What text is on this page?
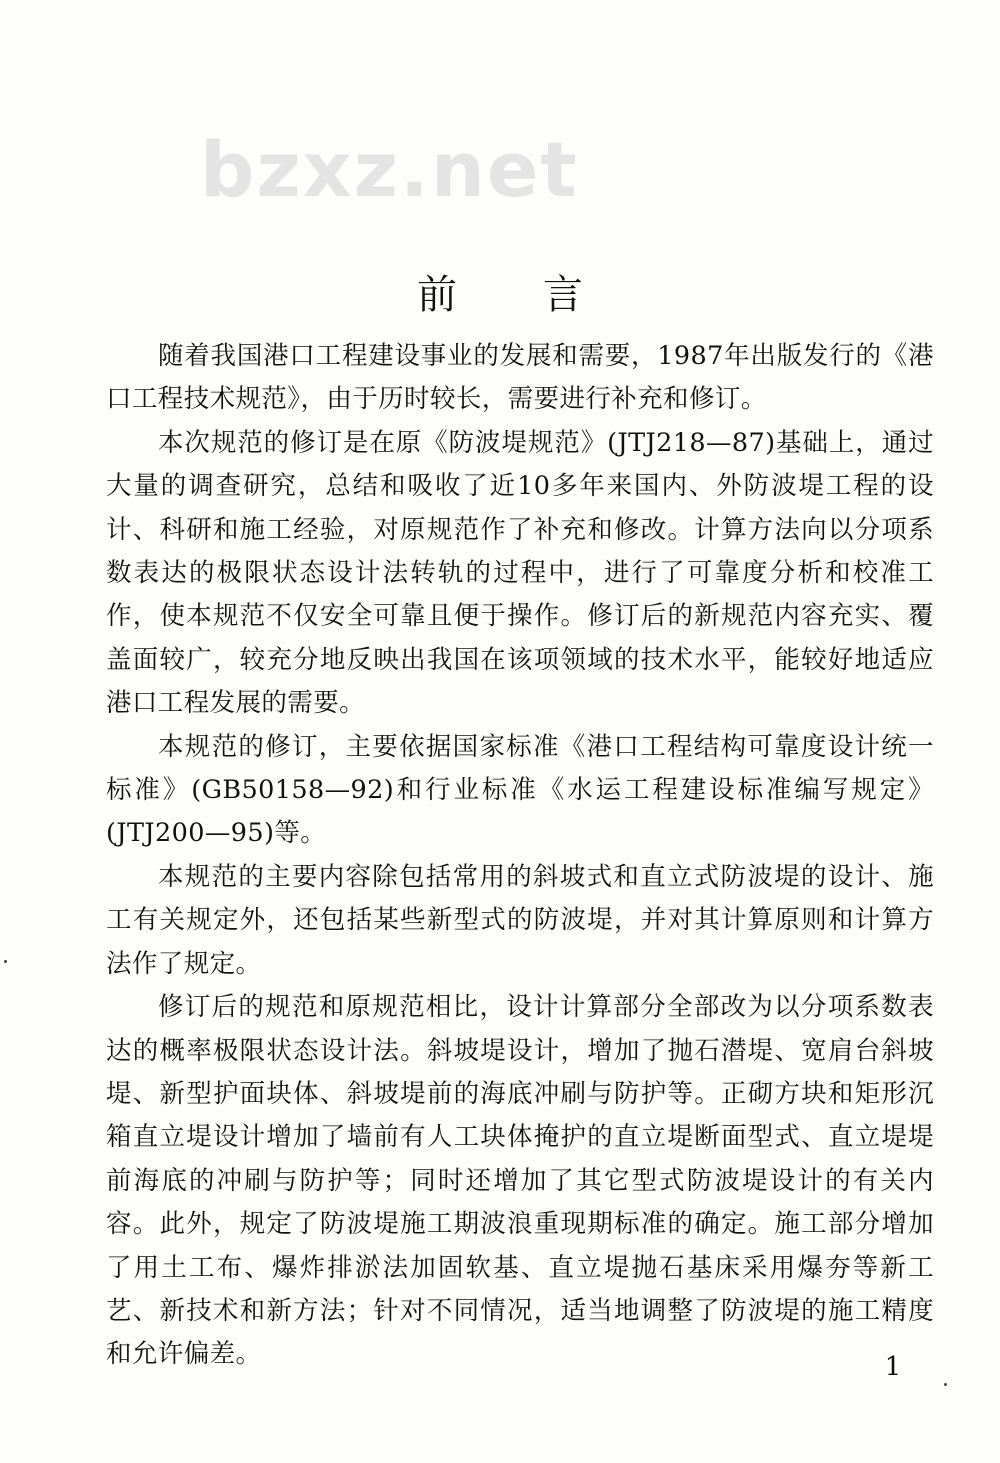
bzxz.net
前言

随着我国港口工程建设事业的发展和需要，1987年出版发行的《港口工程技术规范》，由于历时较长，需要进行补充和修订。

本次规范的修订是在原《防波堤规范》(JTJ218—87)基础上，通过大量的调查研究，总结和吸收了近10多年来国内、外防波堤工程的设计、科研和施工经验，对原规范作了补充和修改。计算方法向以分项系数表达的极限状态设计法转轨的过程中，进行了可靠度分析和校准工作，使本规范不仅安全可靠且便于操作。修订后的新规范内容充实、覆盖面较广，较充分地反映出我国在该项领域的技术水平，能较好地适应港口工程发展的需要。

本规范的修订，主要依据国家标准《港口工程结构可靠度设计统一标准》(GB50158—92)和行业标准《水运工程建设标准编写规定》(JTJ200—95)等。

本规范的主要内容除包括常用的斜坡式和直立式防波堤的设计、施工有关规定外，还包括某些新型式的防波堤，并对其计算原则和计算方法作了规定。

修订后的规范和原规范相比，设计计算部分全部改为以分项系数表达的概率极限状态设计法。斜坡堤设计，增加了抛石潜堤、宽肩台斜坡堤、新型护面块体、斜坡堤前的海底冲刷与防护等。正砌方块和矩形沉箱直立堤设计增加了墙前有人工块体掩护的直立堤断面型式、直立堤堤前海底的冲刷与防护等；同时还增加了其它型式防波堤设计的有关内容。此外，规定了防波堤施工期波浪重现期标准的确定。施工部分增加了用土工布、爆炸排淤法加固软基、直立堤抛石基床采用爆夯等新工艺、新技术和新方法；针对不同情况，适当地调整了防波堤的施工精度和允许偏差。	1
